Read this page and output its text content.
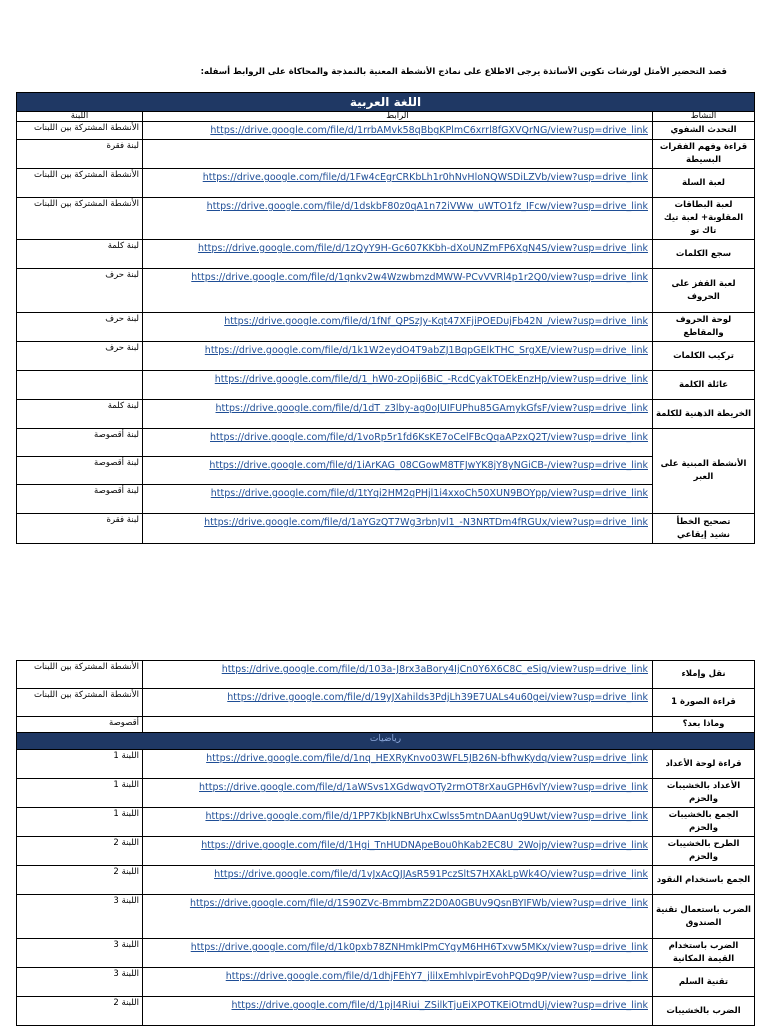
قصد التحضير الأمثل لورشات تكوين الأساتذة يرجى الاطلاع على نماذج الأنشطة المعنية بالنمذجة والمحاكاة على الروابط أسفله:
اللغة العربية		
اللبنة	الرابط	النشاط
الأنشطة المشتركة بين اللبنات	https://drive.google.com/file/d/1rrbAMvk58qBbgKPlmC6xrrl8fGXVQrNG/view?usp=drive_link	التحدث الشفوي
لبنة فقرة		قراءة وفهم الفقرات البسيطة
الأنشطة المشتركة بين اللبنات	https://drive.google.com/file/d/1Fw4cEgrCRKbLh1r0hNvHloNQWSDiLZVb/view?usp=drive_link	لعبة السلة
الأنشطة المشتركة بين اللبنات	https://drive.google.com/file/d/1dskbF80z0qA1n72iVWw_uWTO1fz_IFcw/view?usp=drive_link	لعبة البطاقات المقلوبة+ لعبة تيك تاك تو
لبنة كلمة	https://drive.google.com/file/d/1zQyY9H-Gc607KKbh-dXoUNZmFP6XgN4S/view?usp=drive_link	سجع الكلمات
لبنة حرف	https://drive.google.com/file/d/1qnkv2w4WzwbmzdMWW-PCvVVRl4p1r2Q0/view?usp=drive_link	لعبة القفز على الحروف
لبنة حرف	https://drive.google.com/file/d/1fNf_QPSzJy-Kqt47XFjiPOEDujFb42N_/view?usp=drive_link	لوحة الحروف والمقاطع
لبنة حرف	https://drive.google.com/file/d/1k1W2eydO4T9abZJ1BqpGElkTHC_SrgXE/view?usp=drive_link	تركيب الكلمات
	https://drive.google.com/file/d/1_hW0-zOpij6BiC_-RcdCyakTOEkEnzHp/view?usp=drive_link	عائلة الكلمة
لبنة كلمة	https://drive.google.com/file/d/1dT_z3lby-ag0oJUIFUPhu85GAmykGfsF/view?usp=drive_link	الخريطة الذهنية للكلمة
لبنة أقصوصة	https://drive.google.com/file/d/1voRp5r1fd6KsKE7oCelFBcQqaAPzxQ2T/view?usp=drive_link	الأنشطة المبنية على العبر
لبنة أقصوصة	https://drive.google.com/file/d/1iArKAG_08CGowM8TFJwYK8jY8yNGiCB-/view?usp=drive_link	
لبنة أقصوصة	https://drive.google.com/file/d/1tYqi2HM2qPHjl1i4xxoCh50XUN9BOYpp/view?usp=drive_link	
لبنة فقرة	https://drive.google.com/file/d/1aYGzQT7Wg3rbnJvl1_-N3NRTDm4fRGUx/view?usp=drive_link	تصحيح الخطأ
نشيد إيقاعي
الأنشطة المشتركة بين اللبنات	https://drive.google.com/file/d/103a-J8rx3aBory4IjCn0Y6X6C8C_eSig/view?usp=drive_link	نقل وإملاء
الأنشطة المشتركة بين اللبنات	https://drive.google.com/file/d/19yJXahilds3PdjLh39E7UALs4u60gei/view?usp=drive_link	قراءة الصورة 1
أقصوصة		وماذا بعد؟
رياضيات		
اللبنة 1	https://drive.google.com/file/d/1nq_HEXRyKnvo03WFL5JB26N-bfhwKydq/view?usp=drive_link	قراءة لوحة الأعداد
اللبنة 1	https://drive.google.com/file/d/1aWSvs1XGdwqvOTy2rmOT8rXauGPH6vlY/view?usp=drive_link	الأعداد بالخشيبات والحزم
اللبنة 1	https://drive.google.com/file/d/1PP7KbJkNBrUhxCwlss5mtnDAanUg9Uwt/view?usp=drive_link	الجمع بالخشيبات والحزم
اللبنة 2	https://drive.google.com/file/d/1Hgi_TnHUDNApeBou0hKab2EC8U_2Wojp/view?usp=drive_link	الطرح بالخشيبات والحزم
اللبنة 2	https://drive.google.com/file/d/1vJxAcQJJAsR591PczSltS7HXAkLpWk4O/view?usp=drive_link	الجمع باستخدام النقود
اللبنة 3	https://drive.google.com/file/d/1S90ZVc-BmmbmZ2D0A0GBUv9QsnBYIFWb/view?usp=drive_link	الضرب باستعمال تقنية الصندوق
اللبنة 3	https://drive.google.com/file/d/1k0pxb78ZNHmklPmCYgyM6HH6Txvw5MKx/view?usp=drive_link	الضرب باستخدام القيمة المكانية
اللبنة 3	https://drive.google.com/file/d/1dhjFEhY7_jlilxEmhlvpirEvohPQDg9P/view?usp=drive_link	تقنية السلم
اللبنة 2	https://drive.google.com/file/d/1pjI4Riui_ZSilkTjuEiXPOTKEiOtmdUj/view?usp=drive_link	الضرب بالخشيبات
